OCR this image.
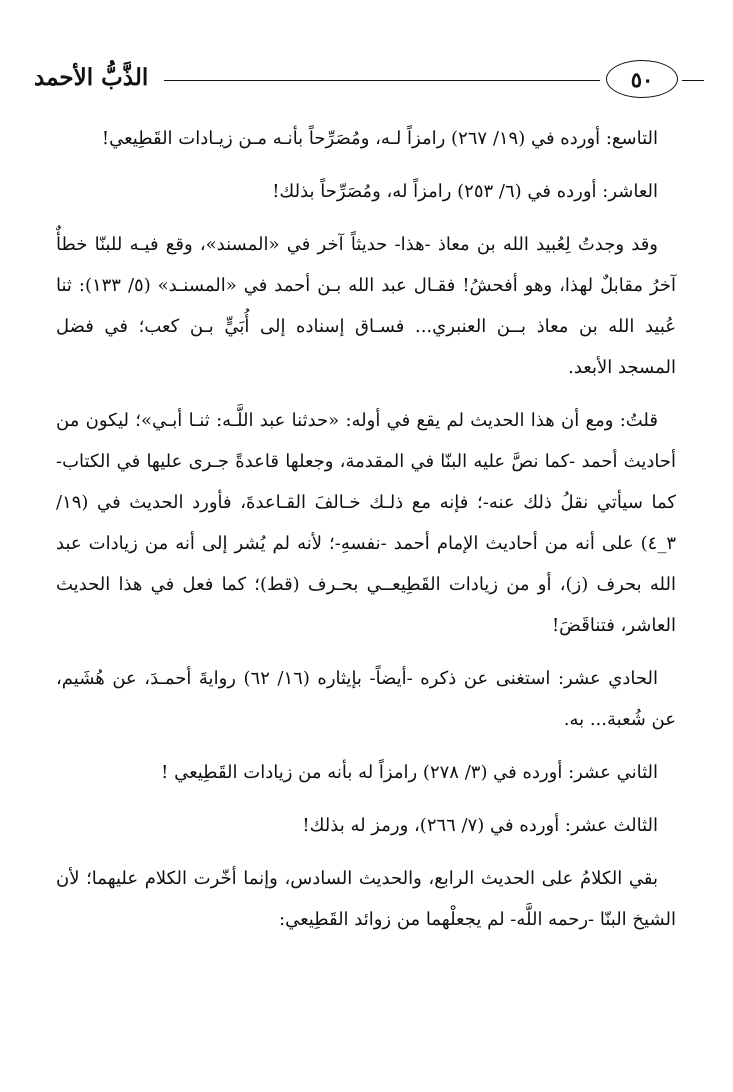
٥٠
الذَّبُّ الأحمد

التاسع: أورده في (١٩/ ٢٦٧) رامزاً لـه، ومُصَرِّحاً بأنـه مـن زيـادات القَطِيعي!

العاشر: أورده في (٦/ ٢٥٣) رامزاً له، ومُصَرِّحاً بذلك!

وقد وجدتُ لِعُبيد الله بن معاذ -هذا- حديثاً آخر في «المسند»، وقع فيـه للبنّا خطأٌ آخرُ مقابلٌ لهذا، وهو أفحشُ! فقـال عبد الله بـن أحمد في «المسنـد» (٥/ ١٣٣): ثنا عُبيد الله بن معاذ بــن العنبري... فسـاق إسناده إلى أُبَيٍّ بـن كعب؛ في فضل المسجد الأبعد.

قلتُ: ومع أن هذا الحديث لم يقع في أوله: «حدثنا عبد اللَّـه: ثنـا أبـي»؛ ليكون من أحاديث أحمد -كما نصَّ عليه البنّا في المقدمة، وجعلها قاعدةً جـرى عليها في الكتاب-كما سيأتي نقلُ ذلك عنه-؛ فإنه مع ذلـك خـالفَ القـاعدةَ، فأورد الحديث في (١٩/ ٣_٤) على أنه من أحاديث الإمام أحمد -نفسهِ-؛ لأنه لم يُشر إلى أنه من زيادات عبد الله بحرف (ز)، أو من زيادات القَطِيعــي بحـرف (قط)؛ كما فعل في هذا الحديث العاشر، فتناقَضَ!

الحادي عشر: استغنى عن ذكره -أيضاً- بإيثاره (١٦/ ٦٢) روايةَ أحمـدَ، عن هُشَيم، عن شُعبة... به.

الثاني عشر: أورده في (٣/ ٢٧٨) رامزاً له بأنه من زيادات القَطِيعي !

الثالث عشر: أورده في (٧/ ٢٦٦)، ورمز له بذلك!

بقي الكلامُ على الحديث الرابع، والحديث السادس، وإنما أخّرت الكلام عليهما؛ لأن الشيخ البنّا -رحمه اللَّه- لم يجعلْهما من زوائد القَطِيعي:
